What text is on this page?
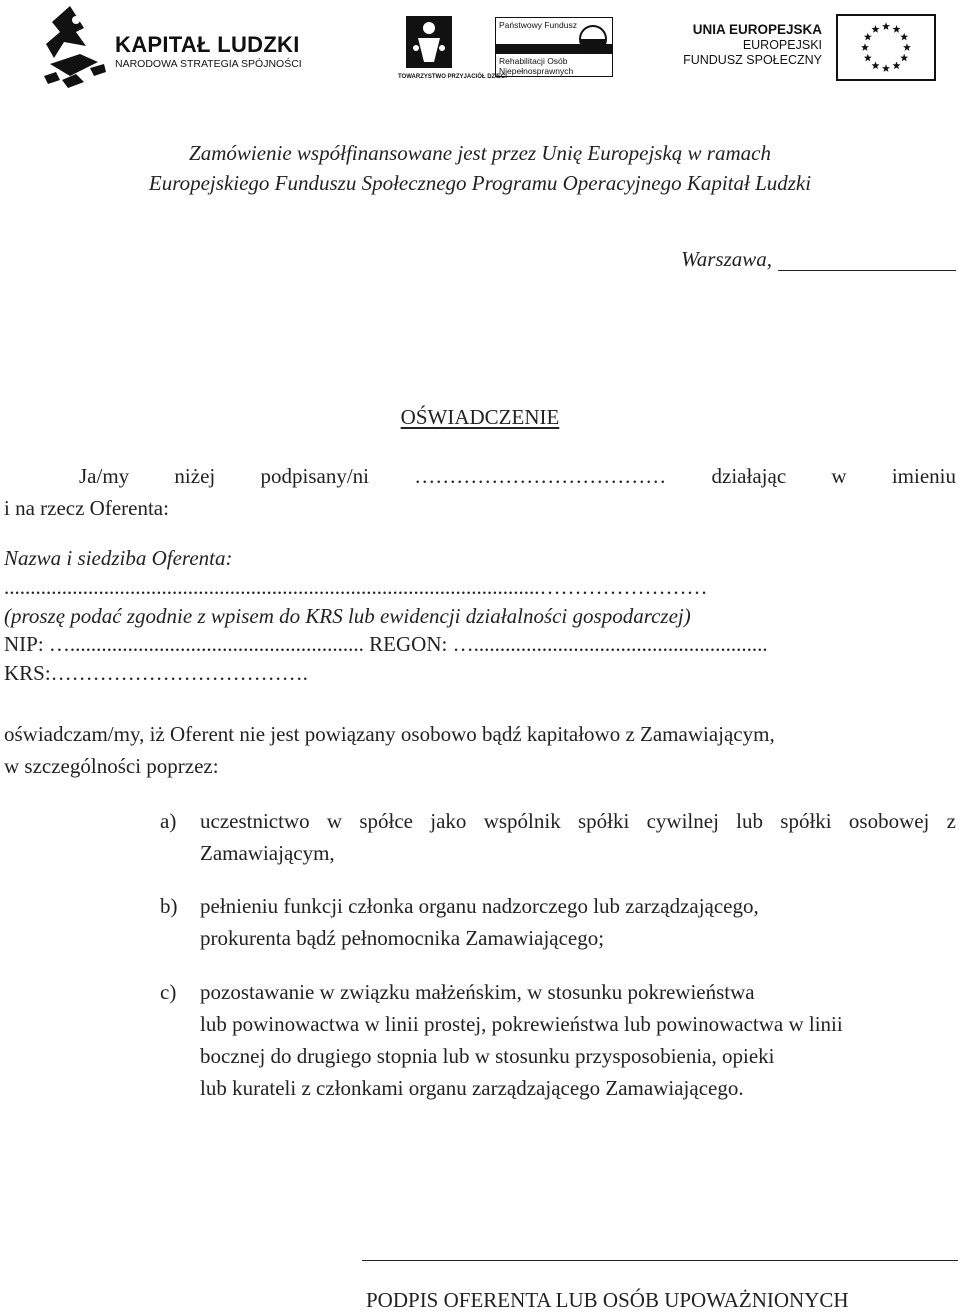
KAPITAŁ LUDZKI
NARODOWA STRATEGIA SPÓJNOŚCI
TOWARZYSTWO PRZYJACIÓŁ DZIECI
Państwowy Fundusz
Rehabilitacji Osób
Niepełnosprawnych
UNIA EUROPEJSKA
EUROPEJSKI
FUNDUSZ SPOŁECZNY
Zamówienie współfinansowane jest przez Unię Europejską w ramach
Europejskiego Funduszu Społecznego Programu Operacyjnego Kapitał Ludzki
Warszawa,
OŚWIADCZENIE
Ja/my niżej podpisany/ni ……………………………… działając w imieniu
i na rzecz Oferenta:
Nazwa i siedziba Oferenta:
......................................................................................................……………………
(proszę podać zgodnie z wpisem do KRS lub ewidencji działalności gospodarczej)
NIP: …........................................................ REGON: …........................................................
KRS:……………………………….
oświadczam/my, iż Oferent nie jest powiązany osobowo bądź kapitałowo z Zamawiającym,
w szczególności poprzez:
a) uczestnictwo w spółce jako wspólnik spółki cywilnej lub spółki osobowej z Zamawiającym,
b) pełnieniu funkcji członka organu nadzorczego lub zarządzającego,
prokurenta bądź pełnomocnika Zamawiającego;
c) pozostawanie w związku małżeńskim, w stosunku pokrewieństwa
lub powinowactwa w linii prostej, pokrewieństwa lub powinowactwa w linii
bocznej do drugiego stopnia lub w stosunku przysposobienia, opieki
lub kurateli z członkami organu zarządzającego Zamawiającego.
PODPIS OFERENTA LUB OSÓB UPOWAŻNIONYCH
